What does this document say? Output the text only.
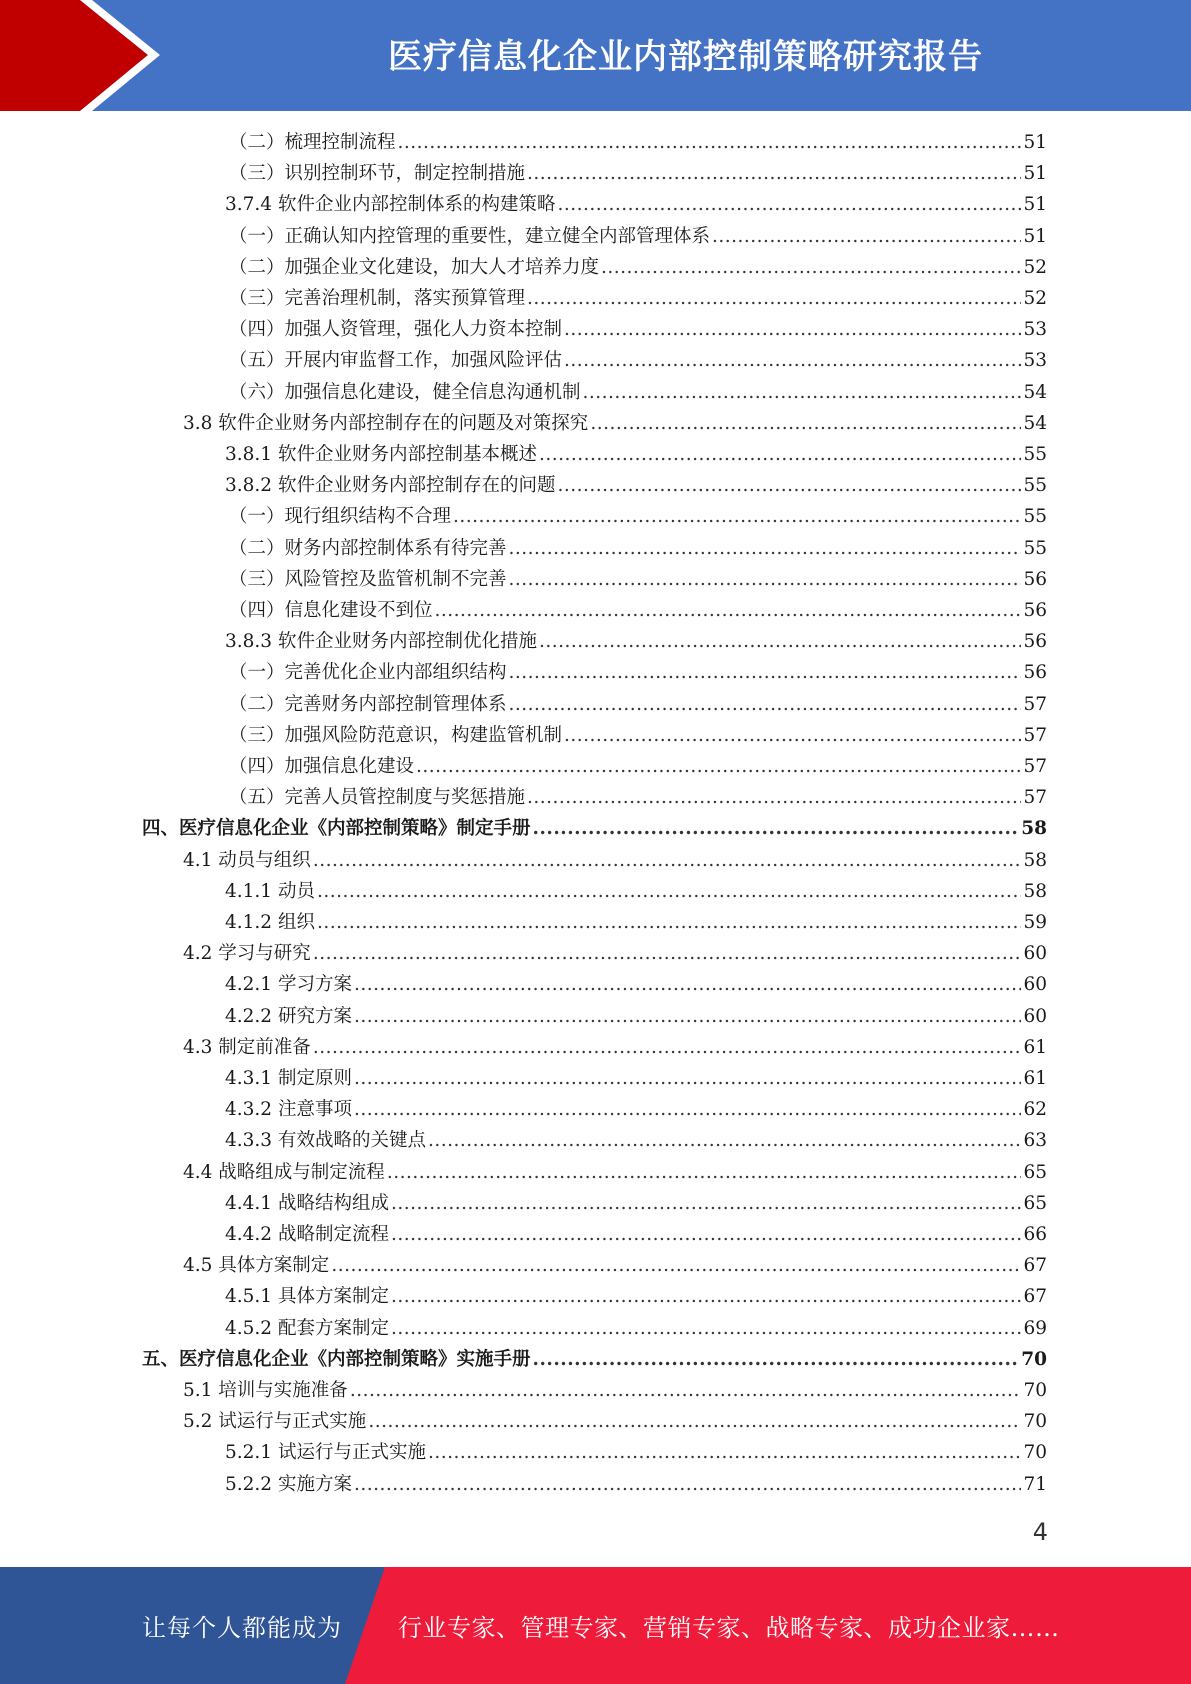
医疗信息化企业内部控制策略研究报告
（二）梳理控制流程 .....	51
（三）识别控制环节，制定控制措施 .....	51
3.7.4 软件企业内部控制体系的构建策略 .....	51
（一）正确认知内控管理的重要性，建立健全内部管理体系 .....	51
（二）加强企业文化建设，加大人才培养力度 .....	52
（三）完善治理机制，落实预算管理 .....	52
（四）加强人资管理，强化人力资本控制 .....	53
（五）开展内审监督工作，加强风险评估 .....	53
（六）加强信息化建设，健全信息沟通机制 .....	54
3.8 软件企业财务内部控制存在的问题及对策探究 .....	54
3.8.1 软件企业财务内部控制基本概述 .....	55
3.8.2 软件企业财务内部控制存在的问题 .....	55
（一）现行组织结构不合理 .....	55
（二）财务内部控制体系有待完善 .....	55
（三）风险管控及监管机制不完善 .....	56
（四）信息化建设不到位 .....	56
3.8.3 软件企业财务内部控制优化措施 .....	56
（一）完善优化企业内部组织结构 .....	56
（二）完善财务内部控制管理体系 .....	57
（三）加强风险防范意识，构建监管机制 .....	57
（四）加强信息化建设 .....	57
（五）完善人员管控制度与奖惩措施 .....	57
四、医疗信息化企业《内部控制策略》制定手册 .....	58
4.1 动员与组织 .....	58
4.1.1 动员 .....	58
4.1.2 组织 .....	59
4.2 学习与研究 .....	60
4.2.1 学习方案 .....	60
4.2.2 研究方案 .....	60
4.3 制定前准备 .....	61
4.3.1 制定原则 .....	61
4.3.2 注意事项 .....	62
4.3.3 有效战略的关键点 .....	63
4.4 战略组成与制定流程 .....	65
4.4.1 战略结构组成 .....	65
4.4.2 战略制定流程 .....	66
4.5 具体方案制定 .....	67
4.5.1 具体方案制定 .....	67
4.5.2 配套方案制定 .....	69
五、医疗信息化企业《内部控制策略》实施手册 .....	70
5.1 培训与实施准备 .....	70
5.2 试运行与正式实施 .....	70
5.2.1 试运行与正式实施 .....	70
5.2.2 实施方案 .....	71
4
让每个人都能成为 行业专家、管理专家、营销专家、战略专家、成功企业家……
